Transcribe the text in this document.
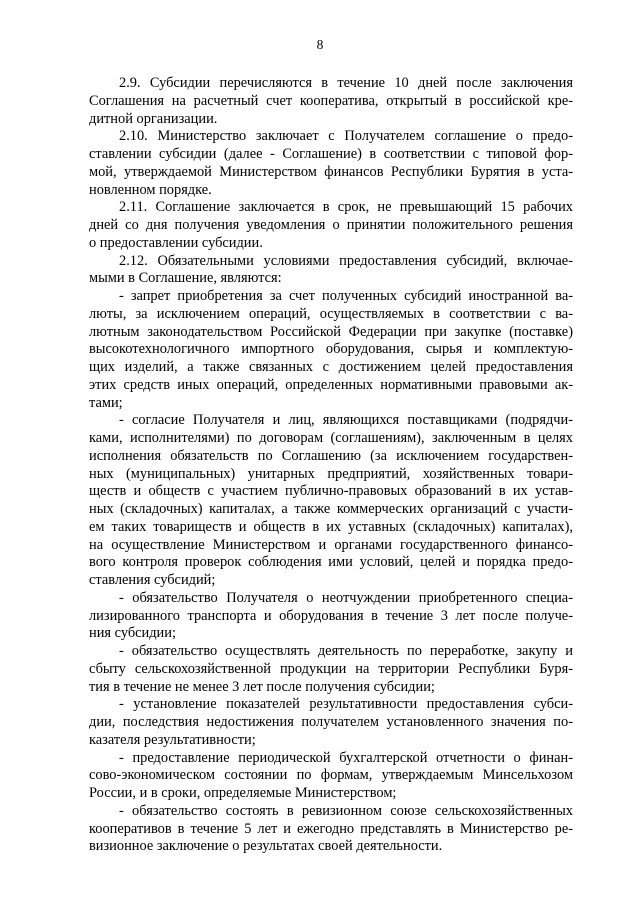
8
2.9. Субсидии перечисляются в течение 10 дней после заключения
Соглашения на расчетный счет кооператива, открытый в российской кре-
дитной организации.
2.10. Министерство заключает с Получателем соглашение о предо-
ставлении субсидии (далее - Соглашение) в соответствии с типовой фор-
мой, утверждаемой Министерством финансов Республики Бурятия в уста-
новленном порядке.
2.11. Соглашение заключается в срок, не превышающий 15 рабочих
дней со дня получения уведомления о принятии положительного решения
о предоставлении субсидии.
2.12. Обязательными условиями предоставления субсидий, включае-
мыми в Соглашение, являются:
- запрет приобретения за счет полученных субсидий иностранной ва-
люты, за исключением операций, осуществляемых в соответствии с ва-
лютным законодательством Российской Федерации при закупке (поставке)
высокотехнологичного импортного оборудования, сырья и комплектую-
щих изделий, а также связанных с достижением целей предоставления
этих средств иных операций, определенных нормативными правовыми ак-
тами;
- согласие Получателя и лиц, являющихся поставщиками (подрядчи-
ками, исполнителями) по договорам (соглашениям), заключенным в целях
исполнения обязательств по Соглашению (за исключением государствен-
ных (муниципальных) унитарных предприятий, хозяйственных товари-
ществ и обществ с участием публично-правовых образований в их устав-
ных (складочных) капиталах, а также коммерческих организаций с участи-
ем таких товариществ и обществ в их уставных (складочных) капиталах),
на осуществление Министерством и органами государственного финансо-
вого контроля проверок соблюдения ими условий, целей и порядка предо-
ставления субсидий;
- обязательство Получателя о неотчуждении приобретенного специа-
лизированного транспорта и оборудования в течение 3 лет после получе-
ния субсидии;
- обязательство осуществлять деятельность по переработке, закупу и
сбыту сельскохозяйственной продукции на территории Республики Буря-
тия в течение не менее 3 лет после получения субсидии;
- установление показателей результативности предоставления субси-
дии, последствия недостижения получателем установленного значения по-
казателя результативности;
- предоставление периодической бухгалтерской отчетности о финан-
сово-экономическом состоянии по формам, утверждаемым Минсельхозом
России, и в сроки, определяемые Министерством;
- обязательство состоять в ревизионном союзе сельскохозяйственных
кооперативов в течение 5 лет и ежегодно представлять в Министерство ре-
визионное заключение о результатах своей деятельности.
